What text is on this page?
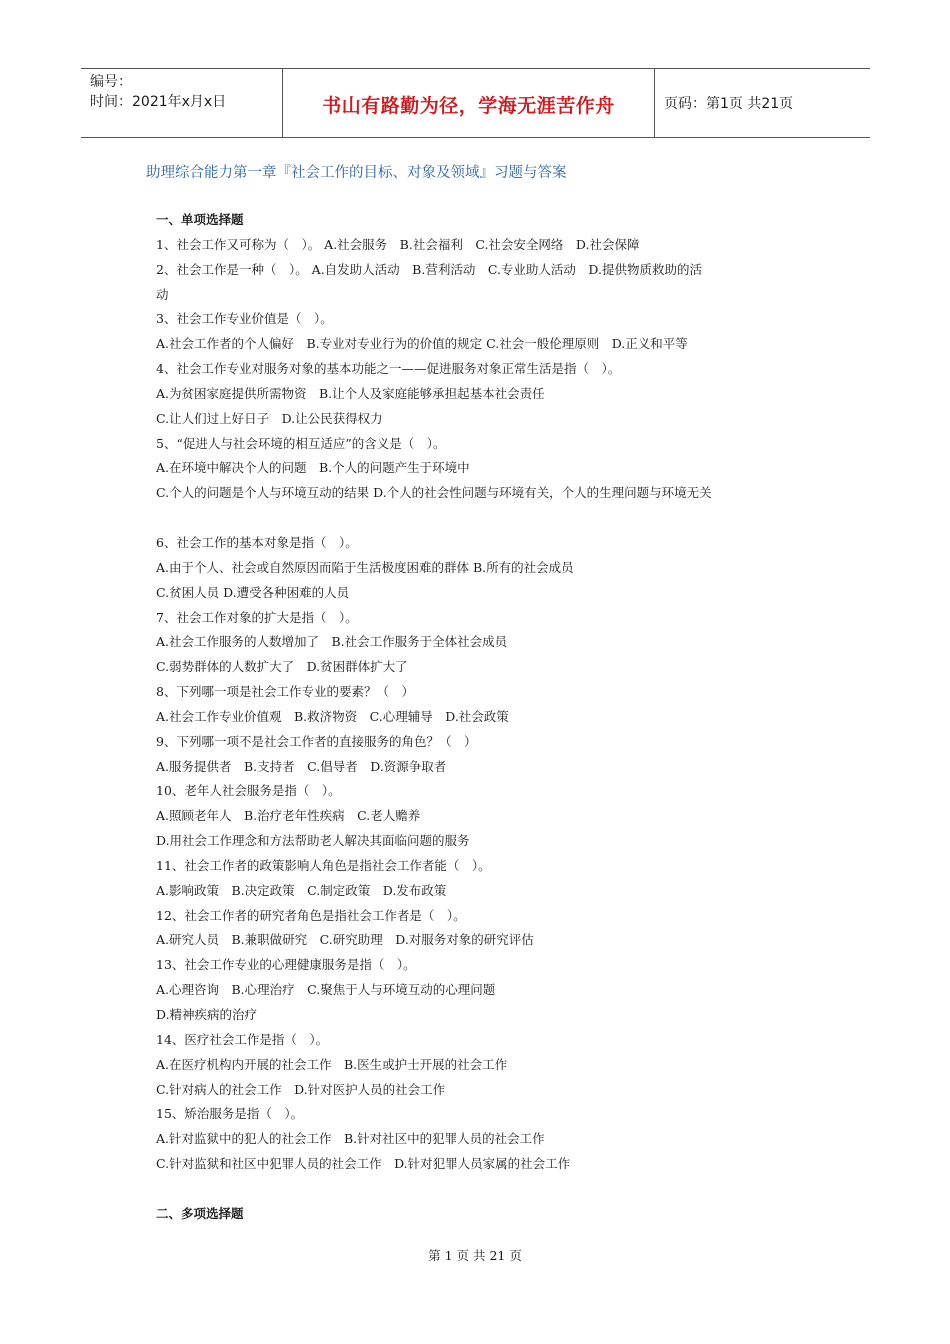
编号：
时间：2021年x月x日	书山有路勤为径，学海无涯苦作舟	页码：第1页 共21页
助理综合能力第一章『社会工作的目标、对象及领域』习题与答案
一、单项选择题
1、社会工作又可称为（　）。 A.社会服务　B.社会福利　C.社会安全网络　D.社会保障
2、社会工作是一种（　）。 A.自发助人活动　B.营利活动　C.专业助人活动　D.提供物质救助的活
动
3、社会工作专业价值是（　）。
A.社会工作者的个人偏好　B.专业对专业行为的价值的规定 C.社会一般伦理原则　D.正义和平等
4、社会工作专业对服务对象的基本功能之一——促进服务对象正常生活是指（　）。
A.为贫困家庭提供所需物资　B.让个人及家庭能够承担起基本社会责任
C.让人们过上好日子　D.让公民获得权力
5、“促进人与社会环境的相互适应”的含义是（　）。
A.在环境中解决个人的问题　B.个人的问题产生于环境中
C.个人的问题是个人与环境互动的结果 D.个人的社会性问题与环境有关，个人的生理问题与环境无关
6、社会工作的基本对象是指（　）。
A.由于个人、社会或自然原因而陷于生活极度困难的群体 B.所有的社会成员
C.贫困人员 D.遭受各种困难的人员
7、社会工作对象的扩大是指（　）。
A.社会工作服务的人数增加了　B.社会工作服务于全体社会成员
C.弱势群体的人数扩大了　D.贫困群体扩大了
8、下列哪一项是社会工作专业的要素？（　）
A.社会工作专业价值观　B.救济物资　C.心理辅导　D.社会政策
9、下列哪一项不是社会工作者的直接服务的角色？（　）
A.服务提供者　B.支持者　C.倡导者　D.资源争取者
10、老年人社会服务是指（　）。
A.照顾老年人　B.治疗老年性疾病　C.老人赡养
D.用社会工作理念和方法帮助老人解决其面临问题的服务
11、社会工作者的政策影响人角色是指社会工作者能（　）。
A.影响政策　B.决定政策　C.制定政策　D.发布政策
12、社会工作者的研究者角色是指社会工作者是（　）。
A.研究人员　B.兼职做研究　C.研究助理　D.对服务对象的研究评估
13、社会工作专业的心理健康服务是指（　）。
A.心理咨询　B.心理治疗　C.聚焦于人与环境互动的心理问题
D.精神疾病的治疗
14、医疗社会工作是指（　）。
A.在医疗机构内开展的社会工作　B.医生或护士开展的社会工作
C.针对病人的社会工作　D.针对医护人员的社会工作
15、矫治服务是指（　）。
A.针对监狱中的犯人的社会工作　B.针对社区中的犯罪人员的社会工作
C.针对监狱和社区中犯罪人员的社会工作　D.针对犯罪人员家属的社会工作
二、多项选择题
第 1 页 共 21 页
